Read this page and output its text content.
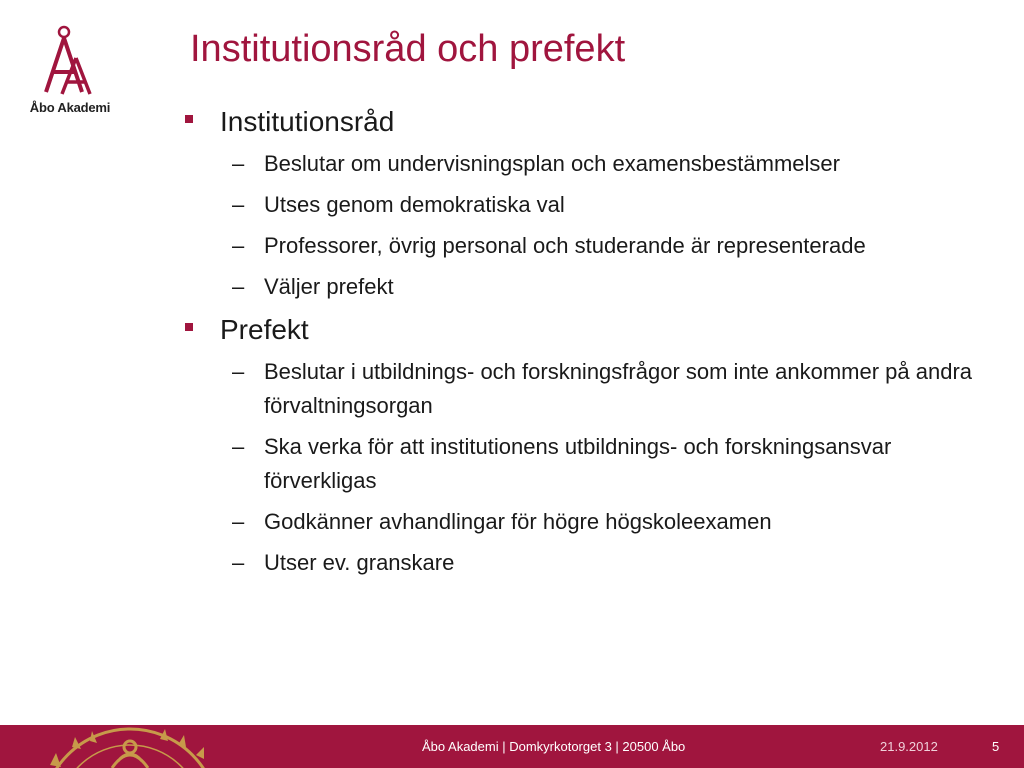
Åbo Akademi
Institutionsråd och prefekt
Institutionsråd
– Beslutar om undervisningsplan och examensbestämmelser
– Utses genom demokratiska val
– Professorer, övrig personal och studerande är representerade
– Väljer prefekt
Prefekt
– Beslutar i utbildnings- och forskningsfrågor som inte ankommer på andra förvaltningsorgan
– Ska verka för att institutionens utbildnings- och forskningsansvar förverkligas
– Godkänner avhandlingar för högre högskoleexamen
– Utser ev. granskare
Åbo Akademi | Domkyrkotorget 3 | 20500 Åbo	21.9.2012	5
